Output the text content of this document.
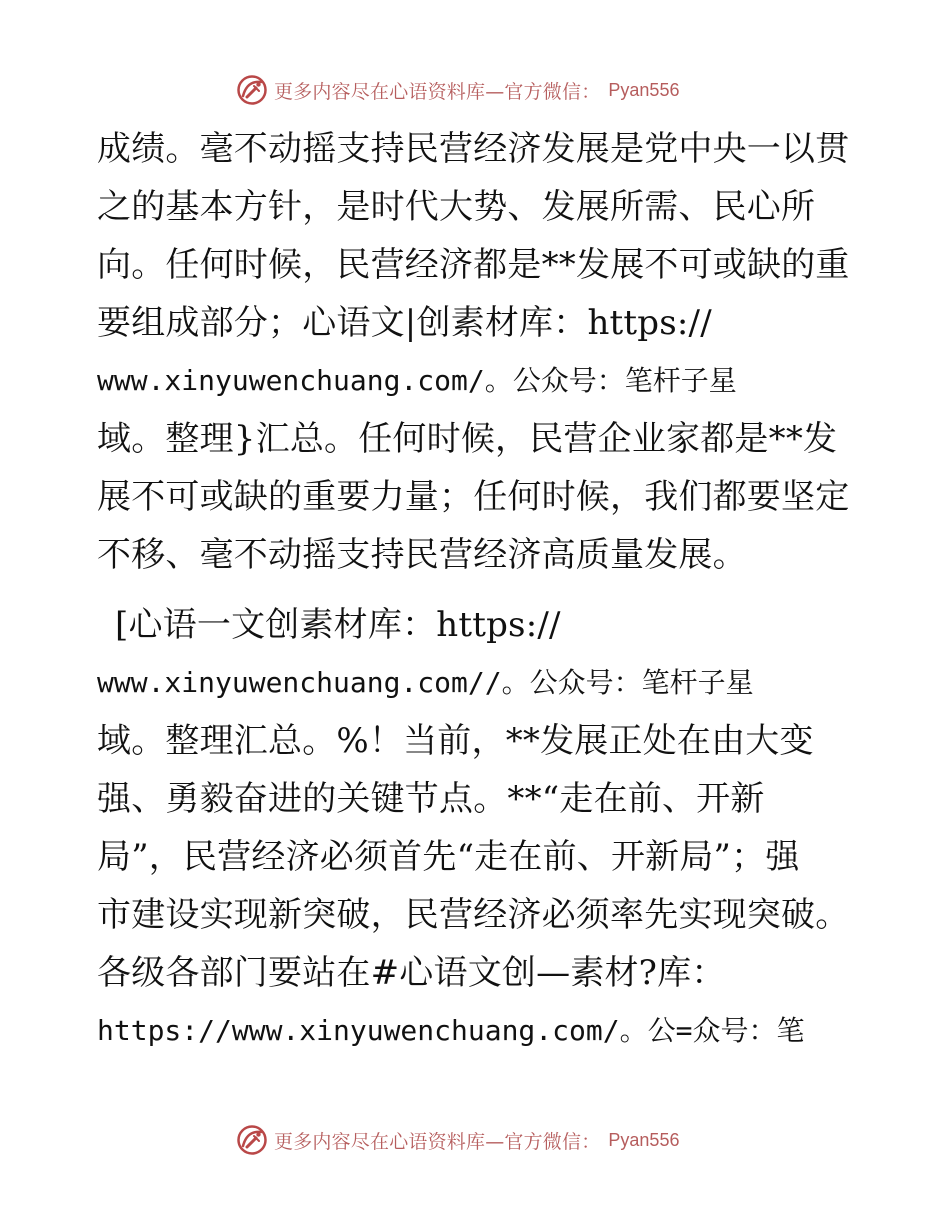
更多内容尽在心语资料库—官方微信： Pyan556
成绩。毫不动摇支持民营经济发展是党中央一以贯
之的基本方针，是时代大势、发展所需、民心所
向。任何时候，民营经济都是**发展不可或缺的重
要组成部分；心语文|创素材库：https://
www.xinyuwenchuang.com/。公众号：笔杆子星
域。整理}汇总。任何时候，民营企业家都是**发
展不可或缺的重要力量；任何时候，我们都要坚定
不移、毫不动摇支持民营经济高质量发展。
[心语一文创素材库：https://
www.xinyuwenchuang.com//。公众号：笔杆子星
域。整理汇总。%！当前，**发展正处在由大变
强、勇毅奋进的关键节点。**“走在前、开新
局”，民营经济必须首先“走在前、开新局”；强
市建设实现新突破，民营经济必须率先实现突破。
各级各部门要站在#心语文创—素材?库：
https://www.xinyuwenchuang.com/。公=众号：笔
更多内容尽在心语资料库—官方微信： Pyan556
